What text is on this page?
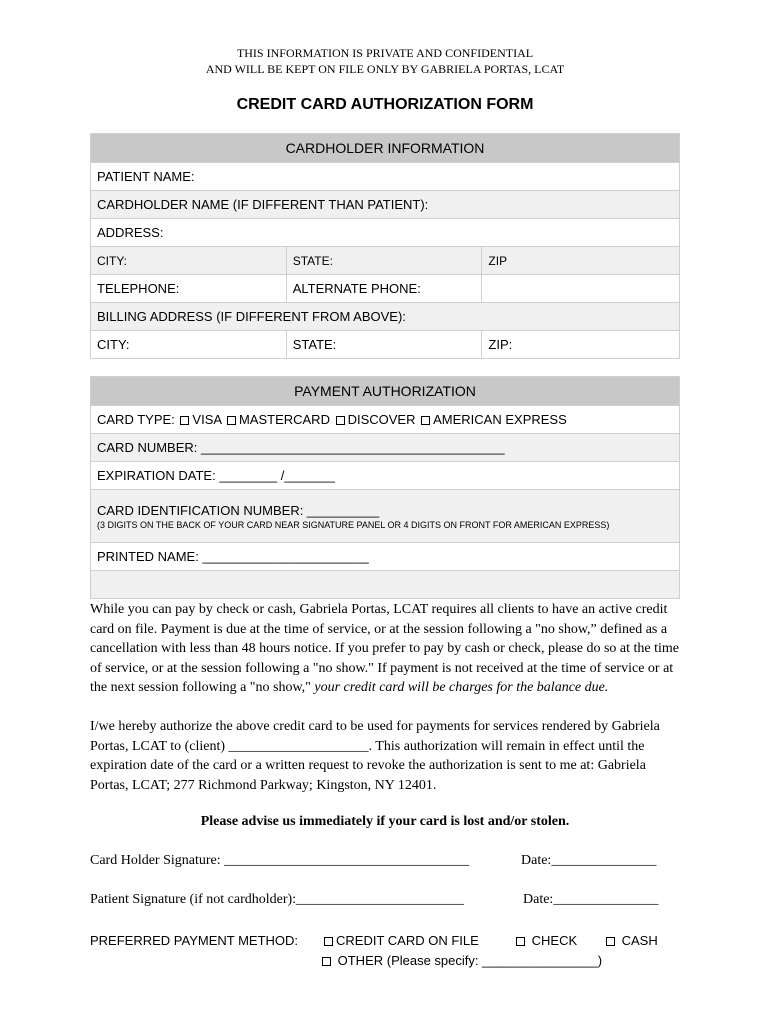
THIS INFORMATION IS PRIVATE AND CONFIDENTIAL
AND WILL BE KEPT ON FILE ONLY BY GABRIELA PORTAS, LCAT
CREDIT CARD AUTHORIZATION FORM
CARDHOLDER INFORMATION		
PATIENT NAME:		
CARDHOLDER NAME (IF DIFFERENT THAN PATIENT):		
ADDRESS:		
CITY:	STATE:	ZIP
TELEPHONE:	ALTERNATE PHONE:	
BILLING ADDRESS (IF DIFFERENT FROM ABOVE):		
CITY:	STATE:	ZIP:
PAYMENT AUTHORIZATION
CARD TYPE: VISA MASTERCARD DISCOVER AMERICAN EXPRESS
CARD NUMBER: __________________________________________
EXPIRATION DATE: ________ /_______
CARD IDENTIFICATION NUMBER: __________
(3 DIGITS ON THE BACK OF YOUR CARD NEAR SIGNATURE PANEL OR 4 DIGITS ON FRONT FOR AMERICAN EXPRESS)

PRINTED NAME: _______________________

While you can pay by check or cash, Gabriela Portas, LCAT requires all clients to have an active credit card on file. Payment is due at the time of service, or at the session following a "no show,” defined as a cancellation with less than 48 hours notice. If you prefer to pay by cash or check, please do so at the time of service, or at the session following a "no show." If payment is not received at the time of service or at the next session following a "no show," your credit card will be charges for the balance due.

I/we hereby authorize the above credit card to be used for payments for services rendered by Gabriela Portas, LCAT to (client) ____________________. This authorization will remain in effect until the expiration date of the card or a written request to revoke the authorization is sent to me at: Gabriela Portas, LCAT; 277 Richmond Parkway; Kingston, NY 12401.

Please advise us immediately if your card is lost and/or stolen.
Card Holder Signature: ___________________________________	Date:_______________
Patient Signature (if not cardholder):________________________	Date:_______________
PREFERRED PAYMENT METHOD:	CREDIT CARD ON FILE	CHECK	CASH
OTHER (Please specify: ________________)
